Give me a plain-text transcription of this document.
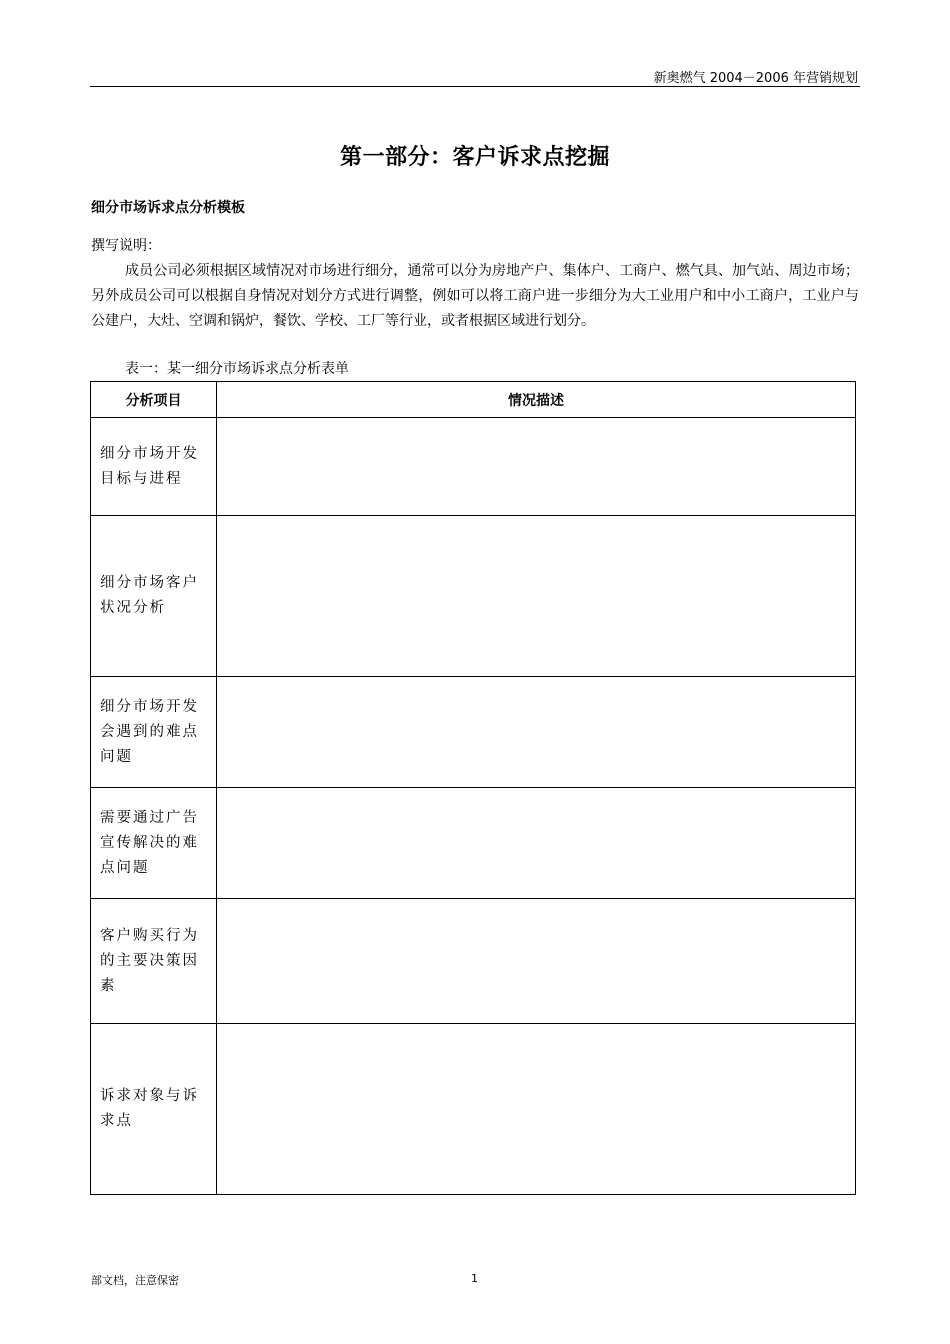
新奥燃气 2004－2006 年营销规划
第一部分：客户诉求点挖掘
细分市场诉求点分析模板
撰写说明：
成员公司必须根据区域情况对市场进行细分，通常可以分为房地产户、集体户、工商户、燃气具、加气站、周边市场；另外成员公司可以根据自身情况对划分方式进行调整，例如可以将工商户进一步细分为大工业用户和中小工商户，工业户与公建户，大灶、空调和锅炉，餐饮、学校、工厂等行业，或者根据区域进行划分。
表一：某一细分市场诉求点分析表单
分析项目	情况描述
细分市场开发目标与进程	
细分市场客户状况分析	
细分市场开发会遇到的难点问题	
需要通过广告宣传解决的难点问题	
客户购买行为的主要决策因素	
诉求对象与诉求点	
部文档，注意保密	1
